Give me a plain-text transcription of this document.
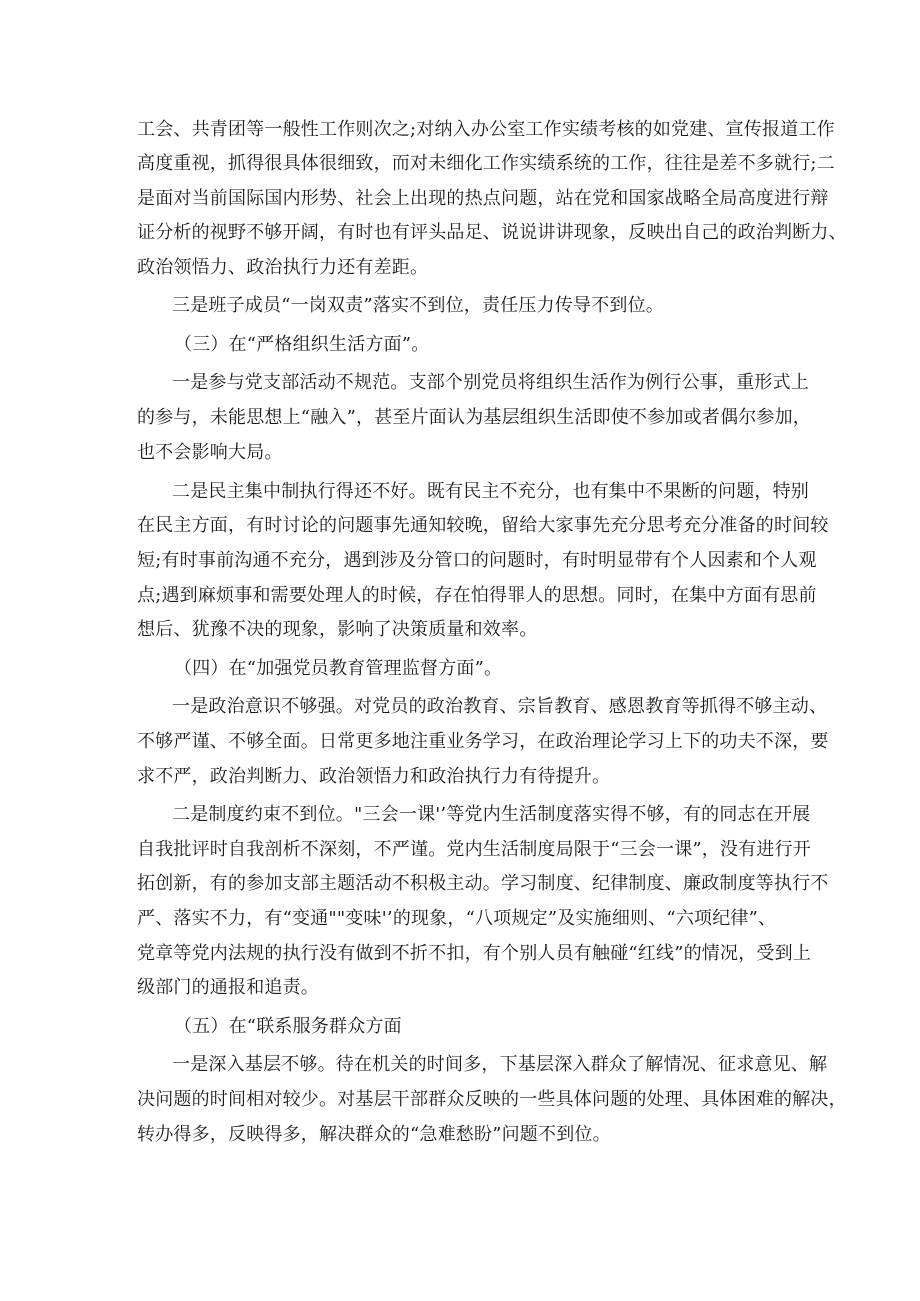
工会、共青团等一般性工作则次之;对纳入办公室工作实绩考核的如党建、宣传报道工作
高度重视，抓得很具体很细致，而对未细化工作实绩系统的工作，往往是差不多就行;二
是面对当前国际国内形势、社会上出现的热点问题，站在党和国家战略全局高度进行辩
证分析的视野不够开阔，有时也有评头品足、说说讲讲现象，反映出自己的政治判断力、
政治领悟力、政治执行力还有差距。
三是班子成员“一岗双责”落实不到位，责任压力传导不到位。
（三）在“严格组织生活方面”。
一是参与党支部活动不规范。支部个别党员将组织生活作为例行公事，重形式上
的参与，未能思想上“融入”，甚至片面认为基层组织生活即使不参加或者偶尔参加，
也不会影响大局。
二是民主集中制执行得还不好。既有民主不充分，也有集中不果断的问题，特别
在民主方面，有时讨论的问题事先通知较晚，留给大家事先充分思考充分准备的时间较
短;有时事前沟通不充分，遇到涉及分管口的问题时，有时明显带有个人因素和个人观
点;遇到麻烦事和需要处理人的时候，存在怕得罪人的思想。同时，在集中方面有思前
想后、犹豫不决的现象，影响了决策质量和效率。
（四）在“加强党员教育管理监督方面”。
一是政治意识不够强。对党员的政治教育、宗旨教育、感恩教育等抓得不够主动、
不够严谨、不够全面。日常更多地注重业务学习，在政治理论学习上下的功夫不深，要
求不严，政治判断力、政治领悟力和政治执行力有待提升。
二是制度约束不到位。"三会一课'’等党内生活制度落实得不够，有的同志在开展
自我批评时自我剖析不深刻，不严谨。党内生活制度局限于“三会一课”，没有进行开
拓创新，有的参加支部主题活动不积极主动。学习制度、纪律制度、廉政制度等执行不
严、落实不力，有“变通""变味'’的现象，“八项规定”及实施细则、“六项纪律”、
党章等党内法规的执行没有做到不折不扣，有个别人员有触碰“红线”的情况，受到上
级部门的通报和追责。
（五）在“联系服务群众方面
一是深入基层不够。待在机关的时间多，下基层深入群众了解情况、征求意见、解
决问题的时间相对较少。对基层干部群众反映的一些具体问题的处理、具体困难的解决，
转办得多，反映得多，解决群众的“急难愁盼”问题不到位。
